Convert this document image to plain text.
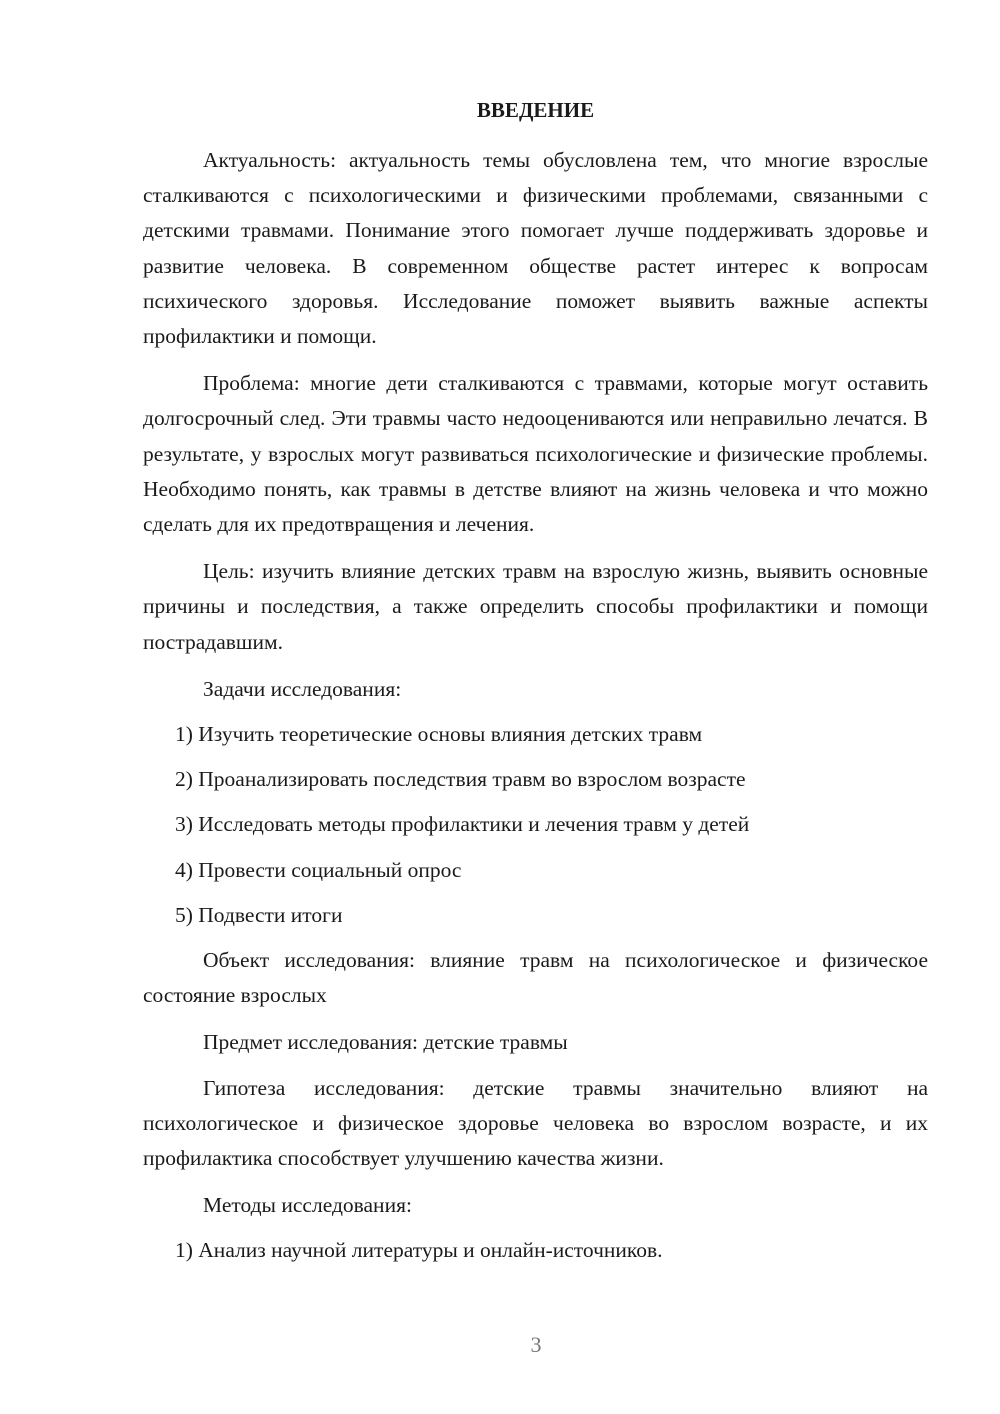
ВВЕДЕНИЕ
Актуальность: актуальность темы обусловлена тем, что многие взрослые сталкиваются с психологическими и физическими проблемами, связанными с детскими травмами. Понимание этого помогает лучше поддерживать здоровье и развитие человека. В современном обществе растет интерес к вопросам психического здоровья. Исследование поможет выявить важные аспекты профилактики и помощи.
Проблема: многие дети сталкиваются с травмами, которые могут оставить долгосрочный след. Эти травмы часто недооцениваются или неправильно лечатся. В результате, у взрослых могут развиваться психологические и физические проблемы. Необходимо понять, как травмы в детстве влияют на жизнь человека и что можно сделать для их предотвращения и лечения.
Цель: изучить влияние детских травм на взрослую жизнь, выявить основные причины и последствия, а также определить способы профилактики и помощи пострадавшим.
Задачи исследования:
1) Изучить теоретические основы влияния детских травм
2) Проанализировать последствия травм во взрослом возрасте
3) Исследовать методы профилактики и лечения травм у детей
4) Провести социальный опрос
5) Подвести итоги
Объект исследования: влияние травм на психологическое и физическое состояние взрослых
Предмет исследования: детские травмы
Гипотеза исследования: детские травмы значительно влияют на психологическое и физическое здоровье человека во взрослом возрасте, и их профилактика способствует улучшению качества жизни.
Методы исследования:
1) Анализ научной литературы и онлайн-источников.
3
